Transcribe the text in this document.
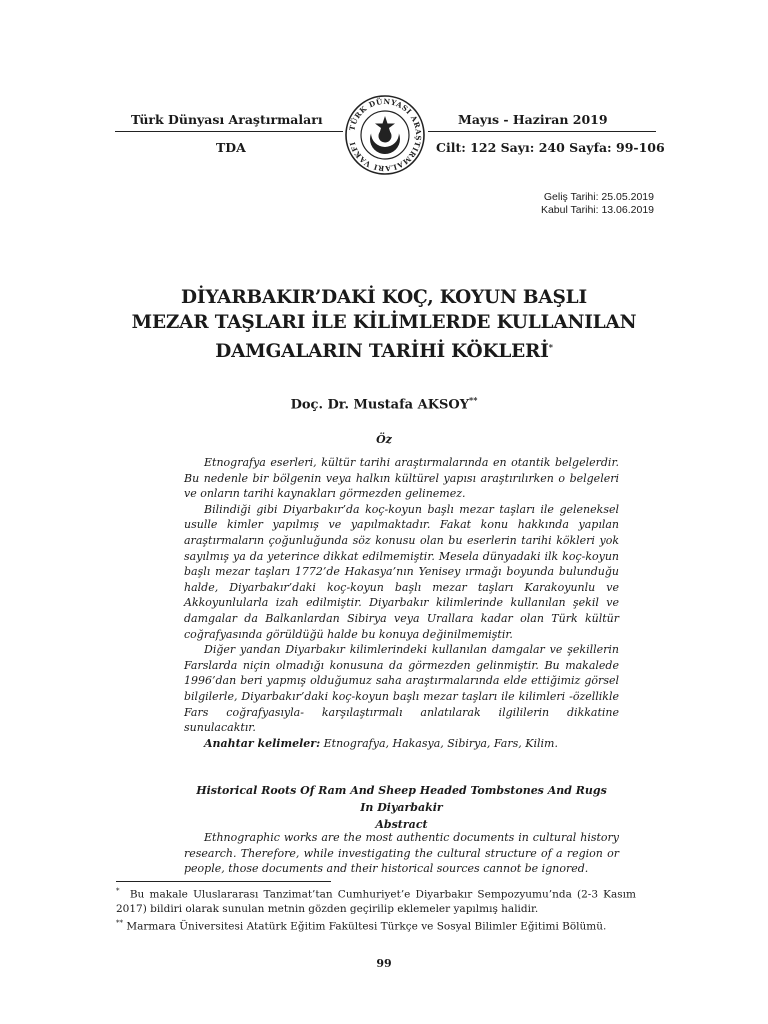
Türk Dünyası Araştırmaları	Mayıs - Haziran 2019
TDA	Cilt: 122 Sayı: 240 Sayfa: 99-106
TÜRK DÜNYASI ARAŞTIRMALARI VAKFI
Geliş Tarihi: 25.05.2019
Kabul Tarihi: 13.06.2019
DİYARBAKIR’DAKİ KOÇ, KOYUN BAŞLI
MEZAR TAŞLARI İLE KİLİMLERDE KULLANILAN
DAMGALARIN TARİHİ KÖKLERİ*
Doç. Dr. Mustafa AKSOY**
Öz

Etnografya eserleri, kültür tarihi araştırmalarında en otantik belgelerdir. Bu nedenle bir bölgenin veya halkın kültürel yapısı araştırılırken o belgeleri ve onların tarihi kaynakları görmezden gelinemez.

Bilindiği gibi Diyarbakır’da koç-koyun başlı mezar taşları ile geleneksel usulle kimler yapılmış ve yapılmaktadır. Fakat konu hakkında yapılan araştırmaların çoğunluğunda söz konusu olan bu eserlerin tarihi kökleri yok sayılmış ya da yeterince dikkat edilmemiştir. Mesela dünyadaki ilk koç-koyun başlı mezar taşları 1772’de Hakasya’nın Yenisey ırmağı boyunda bulunduğu halde, Diyarbakır’daki koç-koyun başlı mezar taşları Karakoyunlu ve Akkoyunlularla izah edilmiştir. Diyarbakır kilimlerinde kullanılan şekil ve damgalar da Balkanlardan Sibirya veya Urallara kadar olan Türk kültür coğrafyasında görüldüğü halde bu konuya değinilmemiştir.

Diğer yandan Diyarbakır kilimlerindeki kullanılan damgalar ve şekillerin Farslarda niçin olmadığı konusuna da görmezden gelinmiştir. Bu makalede 1996’dan beri yapmış olduğumuz saha araştırmalarında elde ettiğimiz görsel bilgilerle, Diyarbakır’daki koç-koyun başlı mezar taşları ile kilimleri -özellikle Fars coğrafyasıyla- karşılaştırmalı anlatılarak ilgililerin dikkatine sunulacaktır.

Anahtar kelimeler: Etnografya, Hakasya, Sibirya, Fars, Kilim.

Historical Roots Of Ram And Sheep Headed Tombstones And Rugs
In Diyarbakir
Abstract

Ethnographic works are the most authentic documents in cultural history research. Therefore, while investigating the cultural structure of a region or people, those documents and their historical sources cannot be ignored.

* Bu makale Uluslararası Tanzimat’tan Cumhuriyet’e Diyarbakır Sempozyumu’nda (2-3 Kasım 2017) bildiri olarak sunulan metnin gözden geçirilip eklemeler yapılmış halidir.

** Marmara Üniversitesi Atatürk Eğitim Fakültesi Türkçe ve Sosyal Bilimler Eğitimi Bölümü.

99
